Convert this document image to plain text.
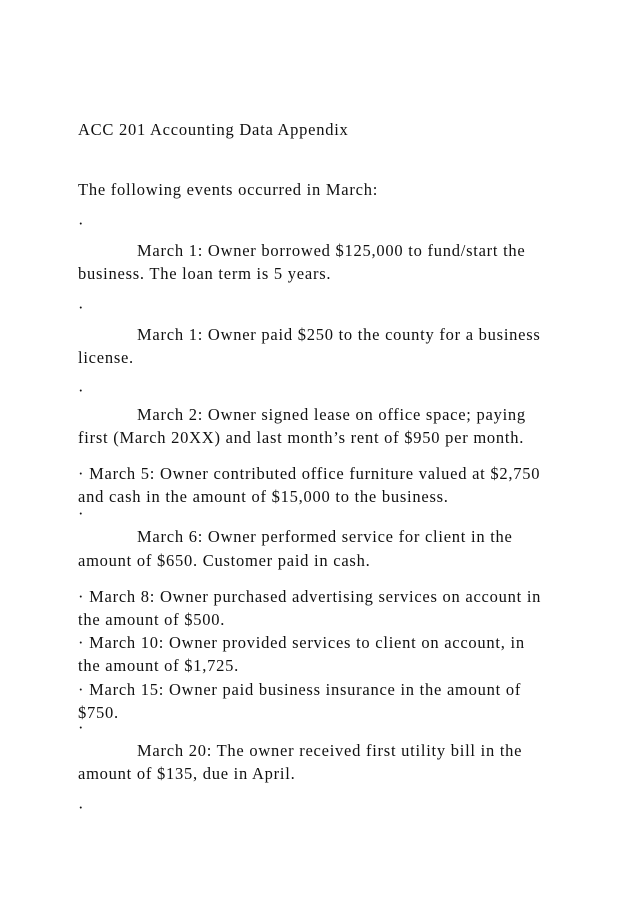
ACC 201 Accounting Data Appendix
The following events occurred in March:
·
March 1: Owner borrowed $125,000 to fund/start the
business. The loan term is 5 years.
·
March 1: Owner paid $250 to the county for a business
license.
·
March 2: Owner signed lease on office space; paying
first (March 20XX) and last month’s rent of $950 per month.
· March 5: Owner contributed office furniture valued at $2,750
and cash in the amount of $15,000 to the business.
·
March 6: Owner performed service for client in the
amount of $650. Customer paid in cash.
· March 8: Owner purchased advertising services on account in
the amount of $500.
· March 10: Owner provided services to client on account, in
the amount of $1,725.
· March 15: Owner paid business insurance in the amount of
$750.
·
March 20: The owner received first utility bill in the
amount of $135, due in April.
·
